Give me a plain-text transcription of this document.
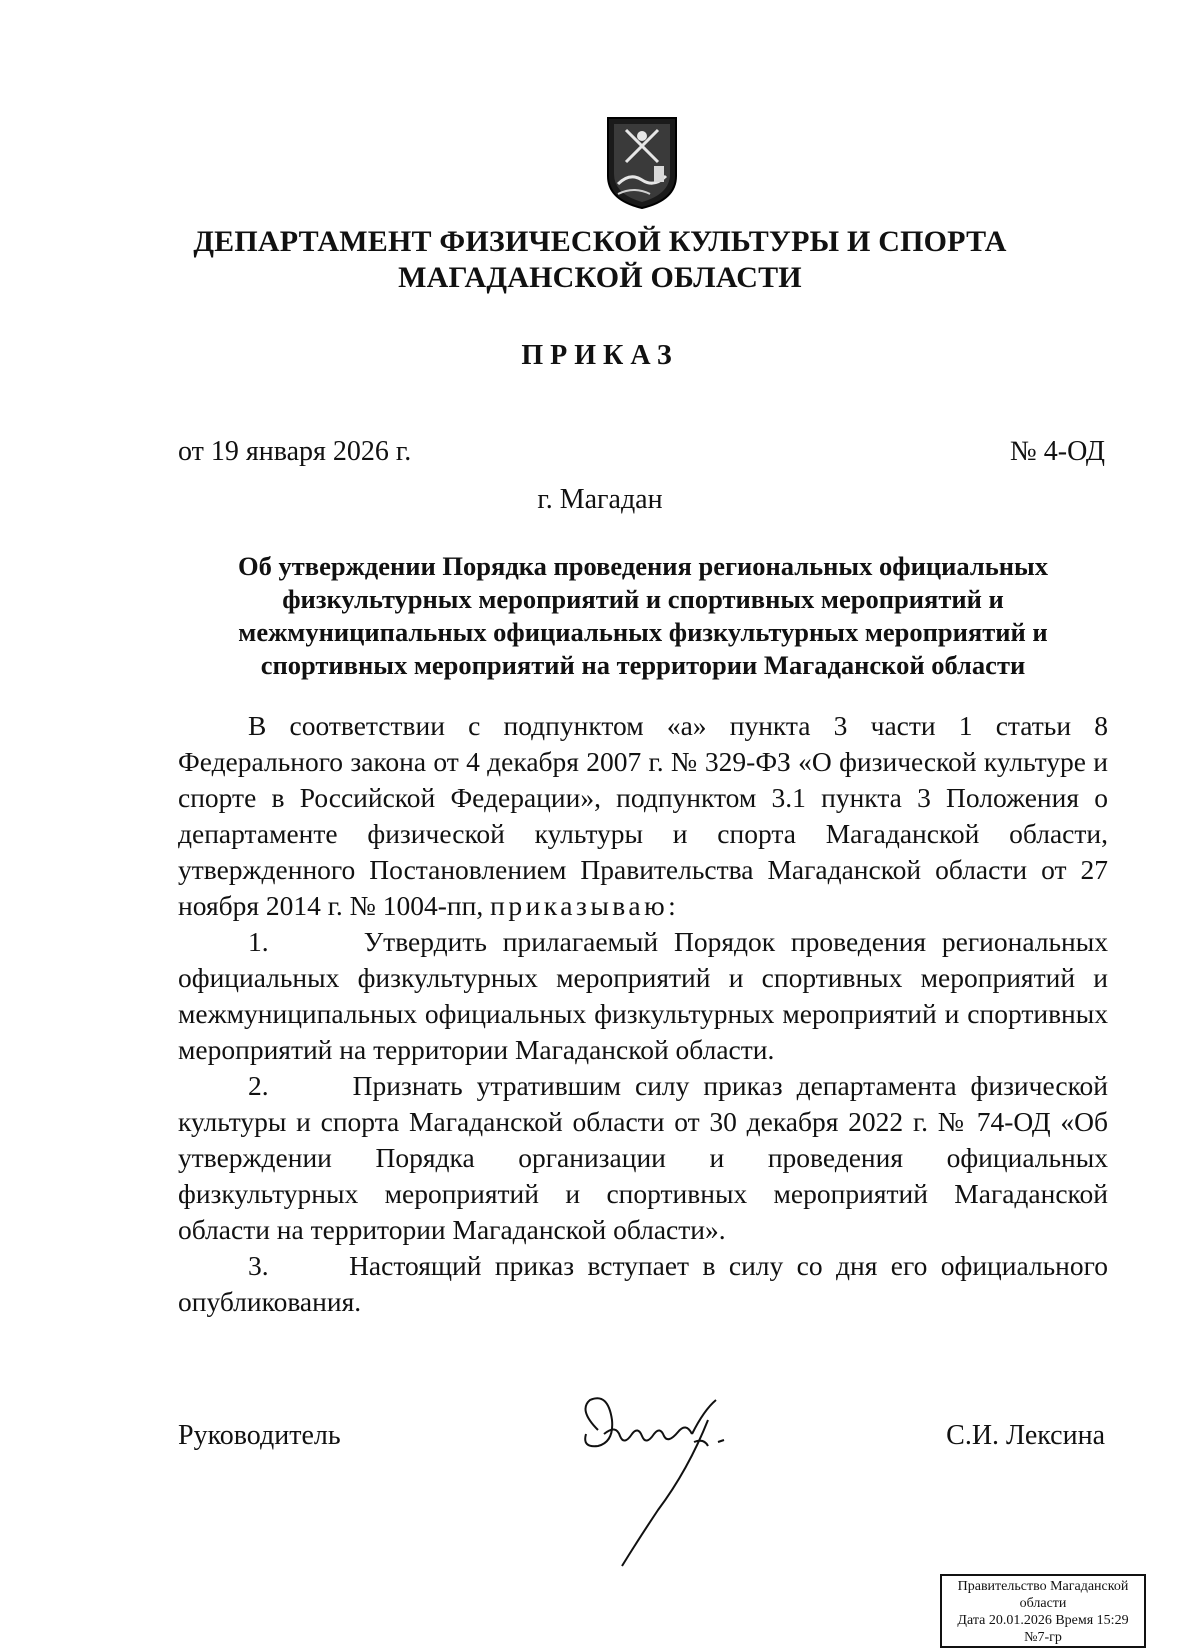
ДЕПАРТАМЕНТ ФИЗИЧЕСКОЙ КУЛЬТУРЫ И СПОРТА
МАГАДАНСКОЙ ОБЛАСТИ
ПРИКАЗ
от 19 января 2026 г.	№ 4-ОД
г. Магадан
Об утверждении Порядка проведения региональных официальных физкультурных мероприятий и спортивных мероприятий и межмуниципальных официальных физкультурных мероприятий и спортивных мероприятий на территории Магаданской области

В соответствии с подпунктом «а» пункта 3 части 1 статьи 8 Федерального закона от 4 декабря 2007 г. № 329-ФЗ «О физической культуре и спорте в Российской Федерации», подпунктом 3.1 пункта 3 Положения о департаменте физической культуры и спорта Магаданской области, утвержденного Постановлением Правительства Магаданской области от 27 ноября 2014 г. № 1004-пп, приказываю:

1.	Утвердить прилагаемый Порядок проведения региональных официальных физкультурных мероприятий и спортивных мероприятий и межмуниципальных официальных физкультурных мероприятий и спортивных мероприятий на территории Магаданской области.

2.	Признать утратившим силу приказ департамента физической культуры и спорта Магаданской области от 30 декабря 2022 г. № 74-ОД «Об утверждении Порядка организации и проведения официальных физкультурных мероприятий и спортивных мероприятий Магаданской области на территории Магаданской области».

3.	Настоящий приказ вступает в силу со дня его официального опубликования.

Руководитель	С.И. Лексина
Правительство Магаданской
области
Дата 20.01.2026 Время 15:29
№7-гр
